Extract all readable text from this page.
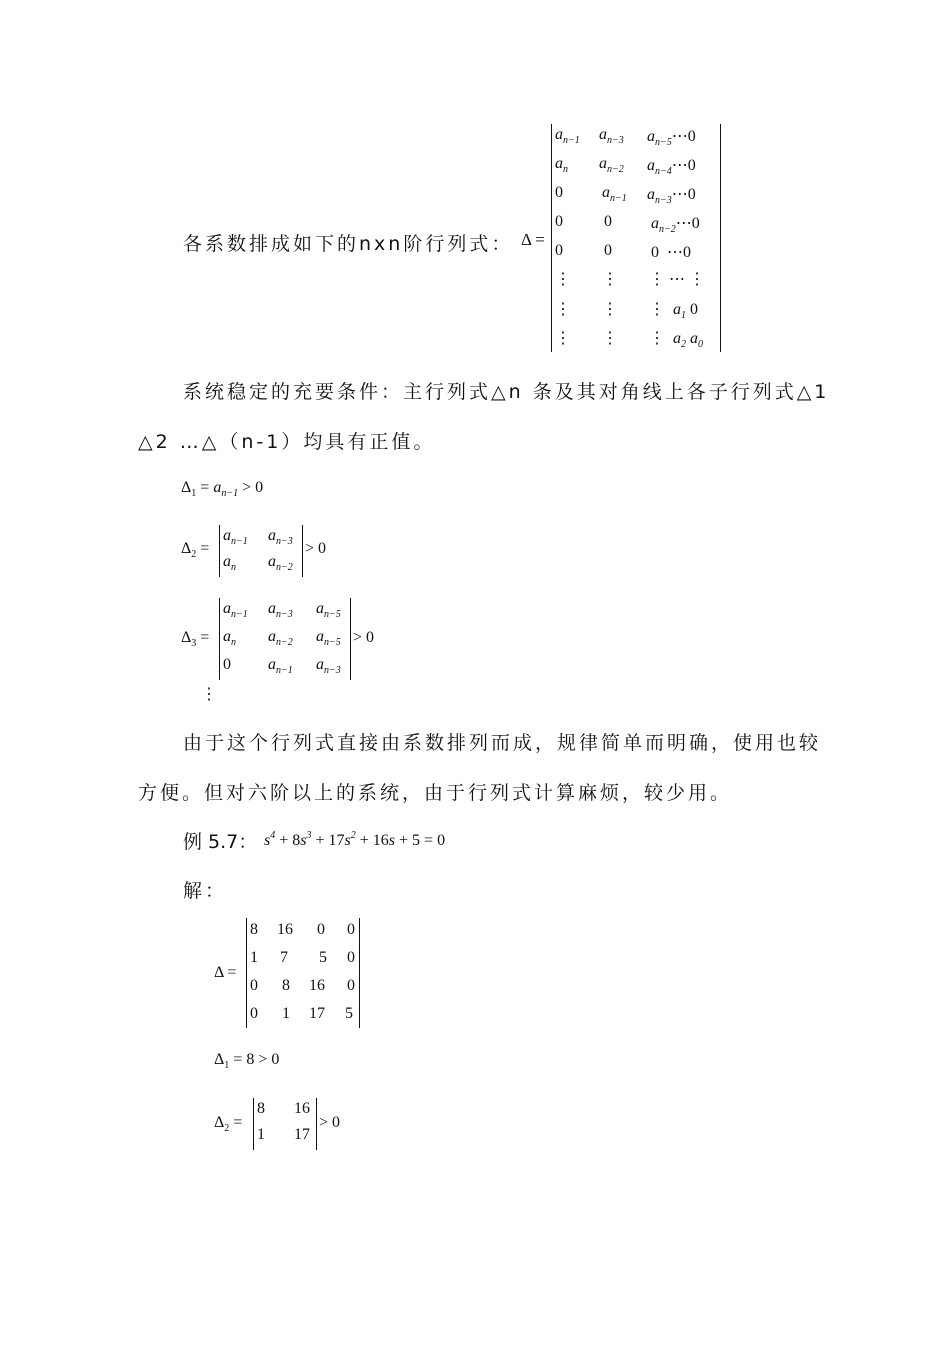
各系数排成如下的nxn阶行列式： Δ =
$a_{n-1}$ $a_{n-3}$ $a_{n-5}\cdots 0$
$a_n$ $a_{n-2}$ $a_{n-4}\cdots 0$
0 $a_{n-1}$ $a_{n-3}\cdots 0$
0	0 $a_{n-2}\cdots 0$
0	0 0  ⋯0
⋮ ⋮ ⋮ ⋯ ⋮
⋮ ⋮ ⋮  $a_1$ 0
⋮ ⋮ ⋮  $a_2$ $a_0$
系统稳定的充要条件：主行列式△n 条及其对角线上各子行列式△1
△2 …△（n-1）均具有正值。
$\Delta_1 = a_{n-1} > 0$
$\Delta_2$ =
$a_{n-1}$ $a_{n-3}$
$a_n$ $a_{n-2}$
> 0
$\Delta_3$ =
$a_{n-1}$ $a_{n-3}$ $a_{n-5}$
$a_n$ $a_{n-2}$ $a_{n-5}$
0 $a_{n-1}$ $a_{n-3}$
> 0
⋮
由于这个行列式直接由系数排列而成，规律简单而明确，使用也较
方便。但对六阶以上的系统，由于行列式计算麻烦，较少用。
例 5.7： $s^4 + 8s^3 + 17s^2 + 16s + 5 = 0$
解：
Δ =
8 16 0 0
1 7 5 0
0 8 16 0
0 1 17 5
$\Delta_1 = 8 > 0$
$\Delta_2$ =
8 16
1 17
> 0
